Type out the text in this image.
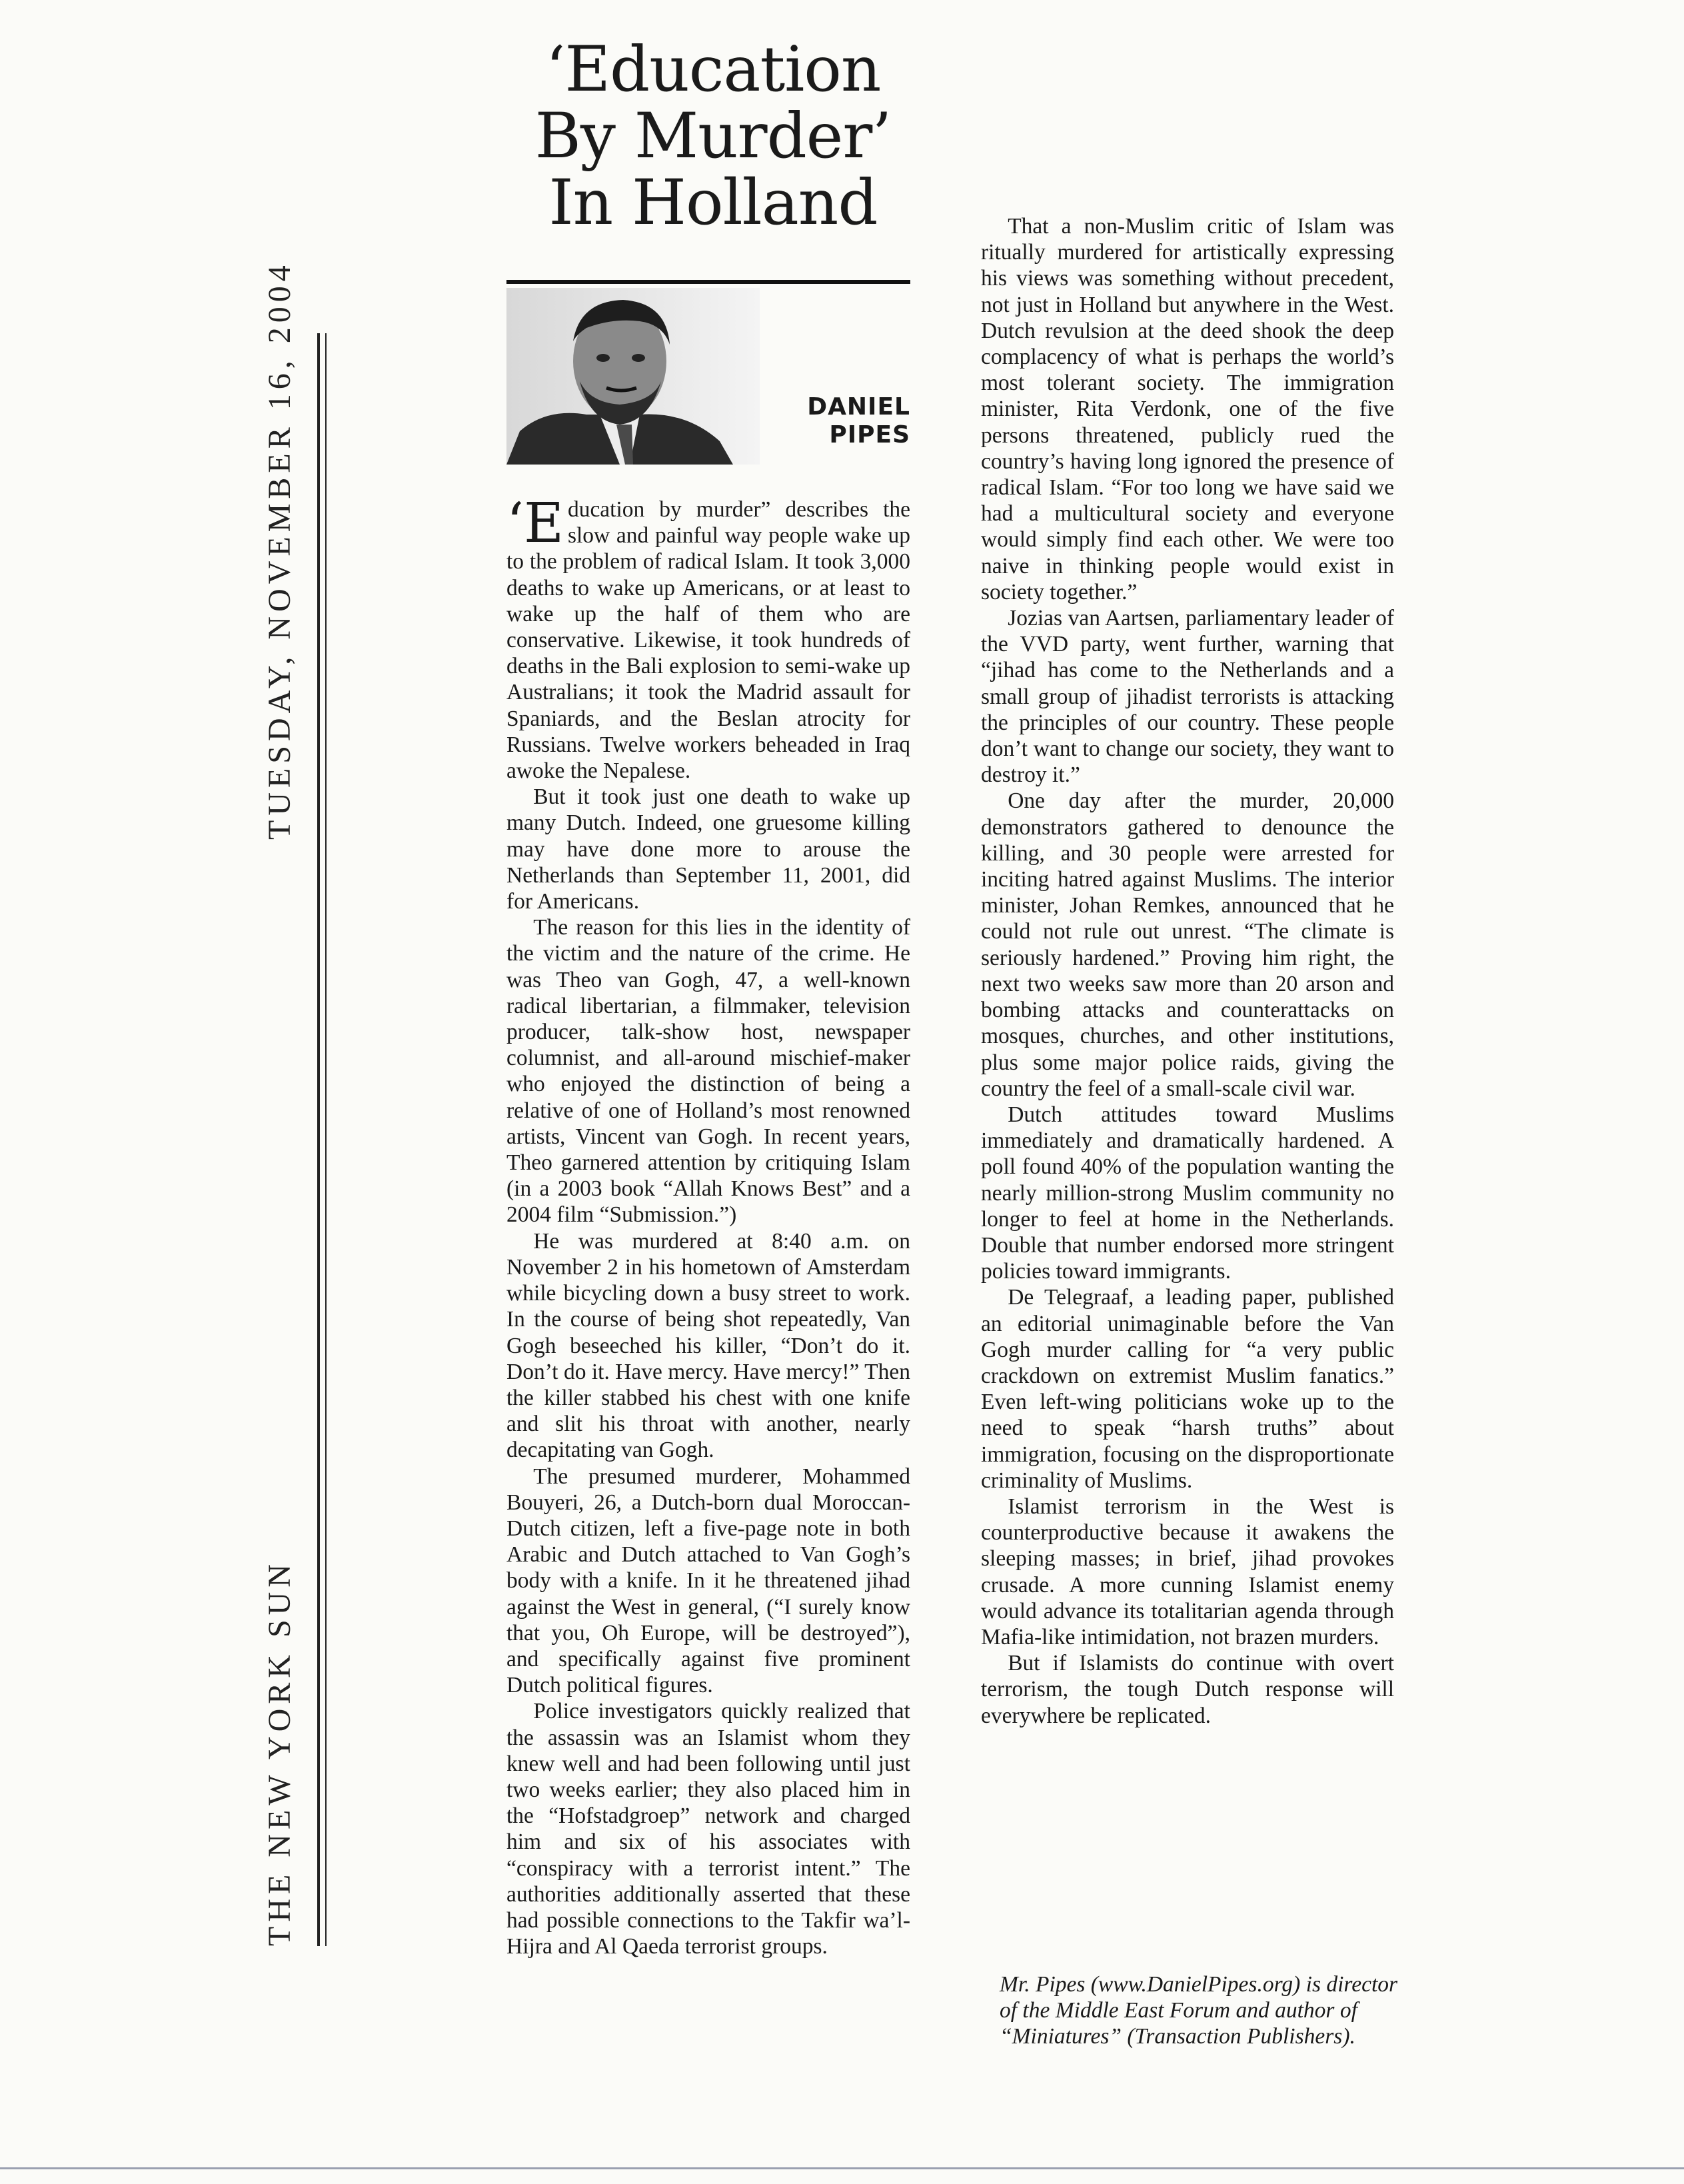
THE NEW YORK SUN
TUESDAY, NOVEMBER 16, 2004
‘Education
By Murder’
In Holland
DANIEL
PIPES

‘Education by murder” describes the slow and painful way people wake up to the problem of radical Islam. It took 3,000 deaths to wake up Americans, or at least to wake up the half of them who are conservative. Likewise, it took hundreds of deaths in the Bali explosion to semi-wake up Australians; it took the Madrid assault for Spaniards, and the Beslan atrocity for Russians. Twelve workers beheaded in Iraq awoke the Nepalese.

But it took just one death to wake up many Dutch. Indeed, one gruesome killing may have done more to arouse the Netherlands than September 11, 2001, did for Americans.

The reason for this lies in the identity of the victim and the nature of the crime. He was Theo van Gogh, 47, a well-known radical libertarian, a filmmaker, television producer, talk-show host, newspaper columnist, and all-around mischief-maker who enjoyed the distinction of being a relative of one of Holland’s most renowned artists, Vincent van Gogh. In recent years, Theo garnered attention by critiquing Islam (in a 2003 book “Allah Knows Best” and a 2004 film “Submission.”)

He was murdered at 8:40 a.m. on November 2 in his hometown of Amsterdam while bicycling down a busy street to work. In the course of being shot repeatedly, Van Gogh beseeched his killer, “Don’t do it. Don’t do it. Have mercy. Have mercy!” Then the killer stabbed his chest with one knife and slit his throat with another, nearly decapitating van Gogh.

The presumed murderer, Mohammed Bouyeri, 26, a Dutch-born dual Moroccan-Dutch citizen, left a five-page note in both Arabic and Dutch attached to Van Gogh’s body with a knife. In it he threatened jihad against the West in general, (“I surely know that you, Oh Europe, will be destroyed”), and specifically against five prominent Dutch political figures.

Police investigators quickly realized that the assassin was an Islamist whom they knew well and had been following until just two weeks earlier; they also placed him in the “Hofstadgroep” network and charged him and six of his associates with “conspiracy with a terrorist intent.” The authorities additionally asserted that these had possible connections to the Takfir wa’l-Hijra and Al Qaeda terrorist groups.

That a non-Muslim critic of Islam was ritually murdered for artistically expressing his views was something without precedent, not just in Holland but anywhere in the West. Dutch revulsion at the deed shook the deep complacency of what is perhaps the world’s most tolerant society. The immigration minister, Rita Verdonk, one of the five persons threatened, publicly rued the country’s having long ignored the presence of radical Islam. “For too long we have said we had a multicultural society and everyone would simply find each other. We were too naive in thinking people would exist in society together.”

Jozias van Aartsen, parliamentary leader of the VVD party, went further, warning that “jihad has come to the Netherlands and a small group of jihadist terrorists is attacking the principles of our country. These people don’t want to change our society, they want to destroy it.”

One day after the murder, 20,000 demonstrators gathered to denounce the killing, and 30 people were arrested for inciting hatred against Muslims. The interior minister, Johan Remkes, announced that he could not rule out unrest. “The climate is seriously hardened.” Proving him right, the next two weeks saw more than 20 arson and bombing attacks and counterattacks on mosques, churches, and other institutions, plus some major police raids, giving the country the feel of a small-scale civil war.

Dutch attitudes toward Muslims immediately and dramatically hardened. A poll found 40% of the population wanting the nearly million-strong Muslim community no longer to feel at home in the Netherlands. Double that number endorsed more stringent policies toward immigrants.

De Telegraaf, a leading paper, published an editorial unimaginable before the Van Gogh murder calling for “a very public crackdown on extremist Muslim fanatics.” Even left-wing politicians woke up to the need to speak “harsh truths” about immigration, focusing on the disproportionate criminality of Muslims.

Islamist terrorism in the West is counterproductive because it awakens the sleeping masses; in brief, jihad provokes crusade. A more cunning Islamist enemy would advance its totalitarian agenda through Mafia-like intimidation, not brazen murders.

But if Islamists do continue with overt terrorism, the tough Dutch response will everywhere be replicated.

Mr. Pipes (www.DanielPipes.org) is director of the Middle East Forum and author of “Miniatures” (Transaction Publishers).
